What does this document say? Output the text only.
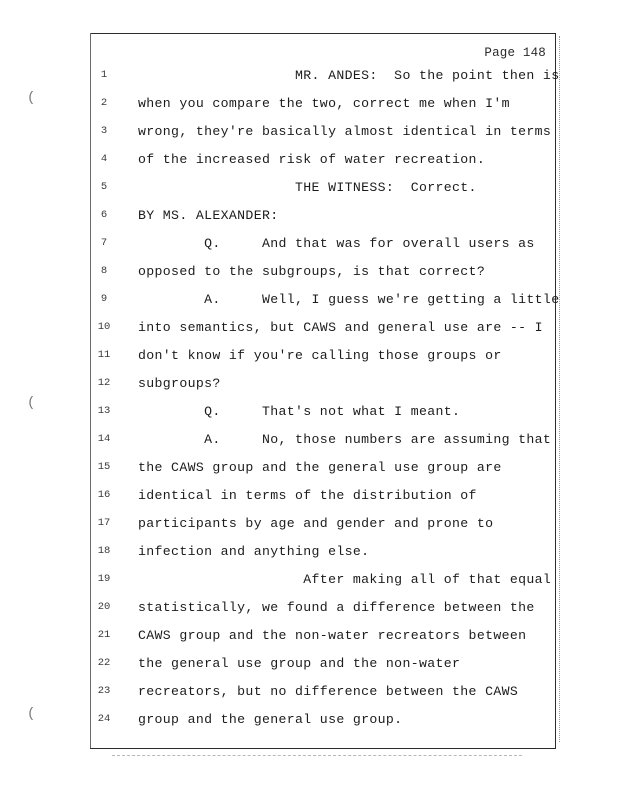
Page 148
1	MR. ANDES:  So the point then is
2	when you compare the two, correct me when I'm
3	wrong, they're basically almost identical in terms
4	of the increased risk of water recreation.
5	THE WITNESS:  Correct.
6	BY MS. ALEXANDER:
7	Q.     And that was for overall users as
8	opposed to the subgroups, is that correct?
9	A.     Well, I guess we're getting a little
10	into semantics, but CAWS and general use are -- I
11	don't know if you're calling those groups or
12	subgroups?
13	Q.     That's not what I meant.
14	A.     No, those numbers are assuming that
15	the CAWS group and the general use group are
16	identical in terms of the distribution of
17	participants by age and gender and prone to
18	infection and anything else.
19	After making all of that equal
20	statistically, we found a difference between the
21	CAWS group and the non-water recreators between
22	the general use group and the non-water
23	recreators, but no difference between the CAWS
24	group and the general use group.
(
(
(
